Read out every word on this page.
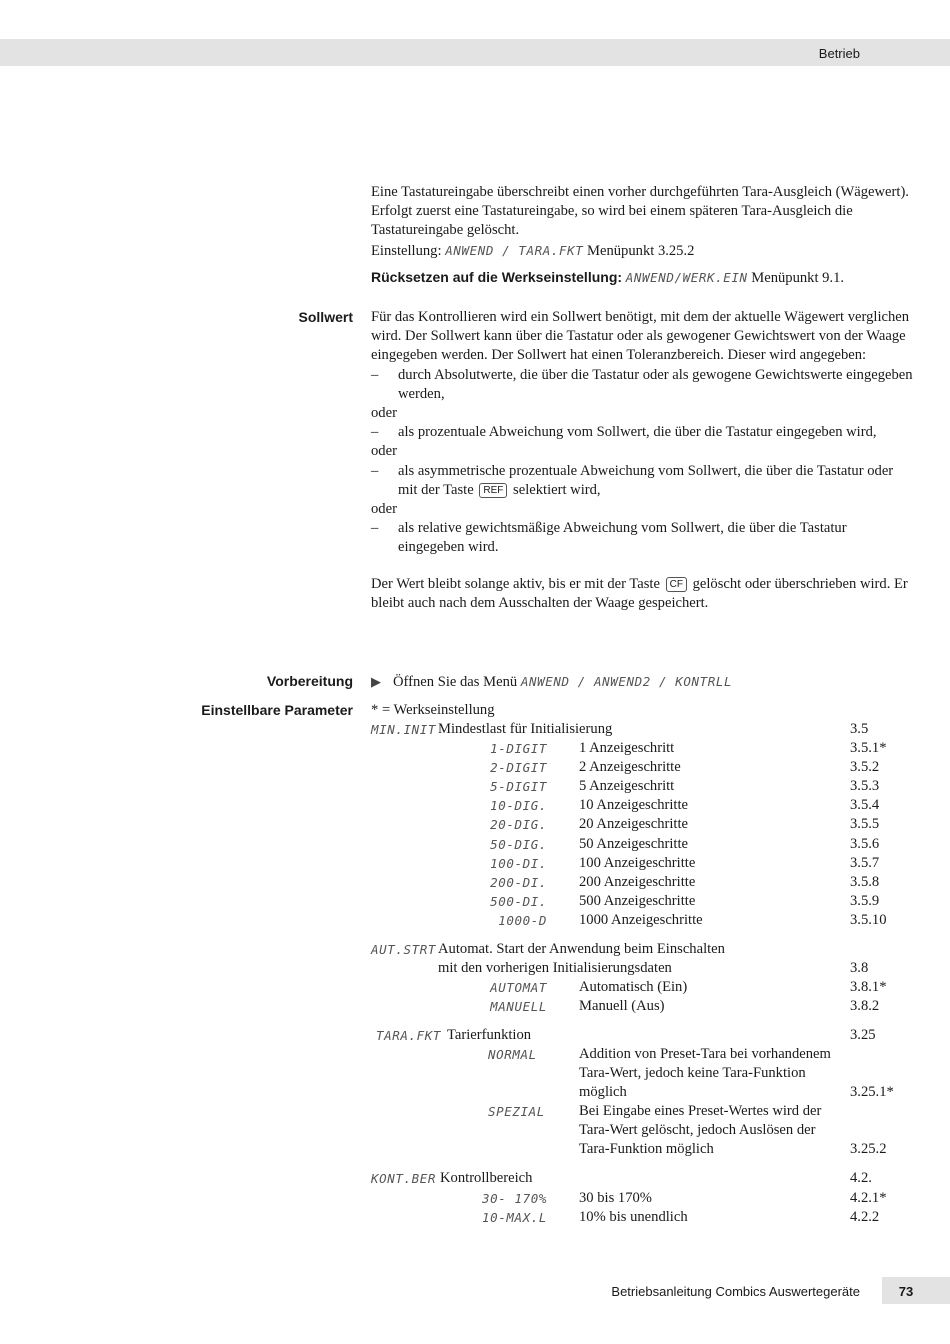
Betrieb
Eine Tastatureingabe überschreibt einen vorher durchgeführten Tara-Ausgleich (Wägewert). Erfolgt zuerst eine Tastatureingabe, so wird bei einem späteren Tara-Ausgleich die Tastatureingabe gelöscht.
Einstellung: ANWEND / TARA.FKT Menüpunkt 3.25.2
Rücksetzen auf die Werkseinstellung: ANWEND/WERK.EIN Menüpunkt 9.1.
Sollwert Für das Kontrollieren wird ein Sollwert benötigt, mit dem der aktuelle Wägewert verglichen wird. Der Sollwert kann über die Tastatur oder als gewogener Gewichtswert von der Waage eingegeben werden. Der Sollwert hat einen Toleranzbereich. Dieser wird angegeben:
– durch Absolutwerte, die über die Tastatur oder als gewogene Gewichtswerte eingegeben werden,
oder
– als prozentuale Abweichung vom Sollwert, die über die Tastatur eingegeben wird,
oder
– als asymmetrische prozentuale Abweichung vom Sollwert, die über die Tastatur oder mit der Taste REF selektiert wird,
oder
– als relative gewichtsmäßige Abweichung vom Sollwert, die über die Tastatur eingegeben wird.
Der Wert bleibt solange aktiv, bis er mit der Taste CF gelöscht oder überschrieben wird. Er bleibt auch nach dem Ausschalten der Waage gespeichert.
Vorbereitung ▶ Öffnen Sie das Menü ANWEND / ANWEND2 / KONTRLL
Einstellbare Parameter * = Werkseinstellung
MIN.INIT Mindestlast für Initialisierung	3.5
1-DIGIT 1 Anzeigeschritt	3.5.1*
2-DIGIT 2 Anzeigeschritte	3.5.2
5-DIGIT 5 Anzeigeschritt	3.5.3
10-DIG. 10 Anzeigeschritte	3.5.4
20-DIG. 20 Anzeigeschritte	3.5.5
50-DIG. 50 Anzeigeschritte	3.5.6
100-DI. 100 Anzeigeschritte	3.5.7
200-DI. 200 Anzeigeschritte	3.5.8
500-DI. 500 Anzeigeschritte	3.5.9
1000-D 1000 Anzeigeschritte	3.5.10
AUT.STRT Automat. Start der Anwendung beim Einschalten
mit den vorherigen Initialisierungsdaten	3.8
AUTOMAT Automatisch (Ein)	3.8.1*
MANUELL Manuell (Aus)	3.8.2
TARA.FKT Tarierfunktion	3.25
NORMAL	Addition von Preset-Tara bei vorhandenem
Tara-Wert, jedoch keine Tara-Funktion
möglich	3.25.1*
SPEZIAL Bei Eingabe eines Preset-Wertes wird der
Tara-Wert gelöscht, jedoch Auslösen der
Tara-Funktion möglich	3.25.2
KONT.BER Kontrollbereich	4.2.
30- 170% 30 bis 170%	4.2.1*
10-MAX.L 10% bis unendlich	4.2.2
Betriebsanleitung Combics Auswertegeräte	73
